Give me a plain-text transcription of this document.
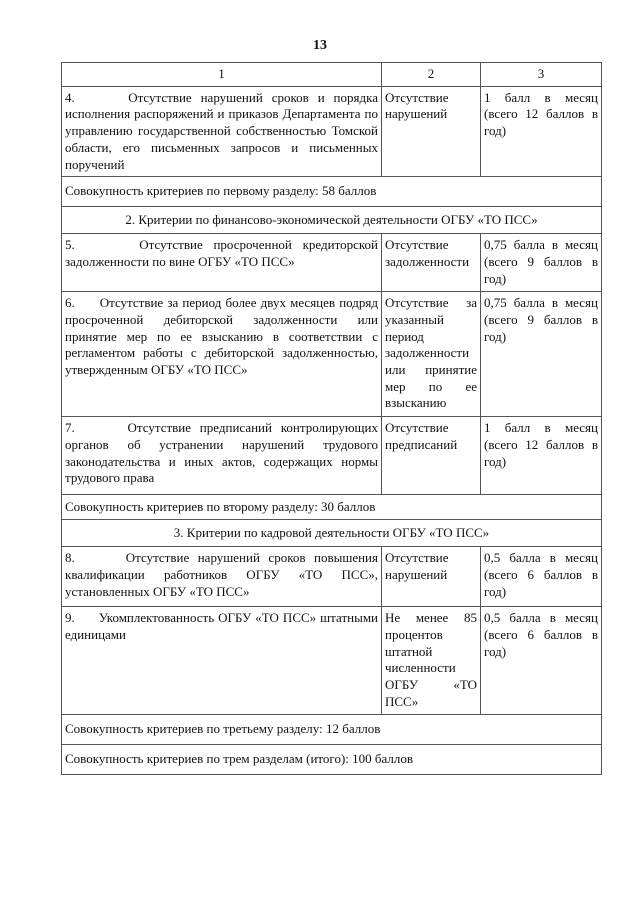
13
1	2	3
4.      Отсутствие нарушений сроков и порядка исполнения распоряжений и приказов Департамента по управлению государственной собственностью Томской области, его письменных запросов и письменных поручений	Отсутствие нарушений	1 балл в месяц (всего 12 баллов в год)
Совокупность критериев по первому разделу: 58 баллов		
2. Критерии по финансово-экономической деятельности ОГБУ «ТО ПСС»		
5.      Отсутствие просроченной кредиторской задолженности по вине ОГБУ «ТО ПСС»	Отсутствие задолженности	0,75 балла в месяц (всего 9 баллов в год)
6.      Отсутствие за период более двух месяцев подряд просроченной дебиторской задолженности или принятие мер по ее взысканию в соответствии с регламентом работы с дебиторской задолженностью, утвержденным ОГБУ «ТО ПСС»	Отсутствие за указанный период задолженности или принятие мер по ее взысканию	0,75 балла в месяц (всего 9 баллов в год)
7.      Отсутствие предписаний контролирующих органов об устранении нарушений трудового законодательства и иных актов, содержащих нормы трудового права	Отсутствие предписаний	1 балл в месяц (всего 12 баллов в год)
Совокупность критериев по второму разделу: 30 баллов		
3. Критерии по кадровой деятельности ОГБУ «ТО ПСС»		
8.      Отсутствие нарушений сроков повышения квалификации работников ОГБУ «ТО ПСС», установленных ОГБУ «ТО ПСС»	Отсутствие нарушений	0,5 балла в месяц (всего 6 баллов в год)
9.      Укомплектованность ОГБУ «ТО ПСС» штатными единицами	Не менее 85 процентов штатной численности ОГБУ «ТО ПСС»	0,5 балла в месяц (всего 6 баллов в год)
Совокупность критериев по третьему разделу: 12 баллов		
Совокупность критериев по трем разделам (итого): 100 баллов		
